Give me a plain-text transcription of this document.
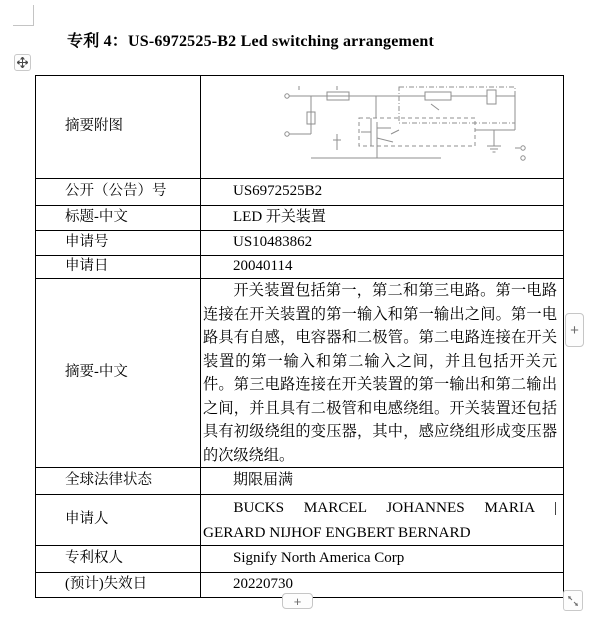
专利 4：US-6972525-B2 Led switching arrangement
摘要附图

公开（公告）号	US6972525B2

标题-中文	LED 开关装置

申请号	US10483862

申请日	20040114

摘要-中文	开关装置包括第一，第二和第三电路。第一电路连接在开关装置的第一输入和第一输出之间。第一电路具有自感，电容器和二极管。第二电路连接在开关装置的第一输入和第二输入之间，并且包括开关元件。第三电路连接在开关装置的第一输出和第二输出之间，并且具有二极管和电感绕组。开关装置还包括具有初级绕组的变压器，其中，感应绕组形成变压器的次级绕组。

全球法律状态	期限届满

申请人	BUCKS MARCEL JOHANNES MARIA |
GERARD NIJHOF ENGBERT BERNARD

专利权人	Signify North America Corp

(预计)失效日	20220730
+
+
